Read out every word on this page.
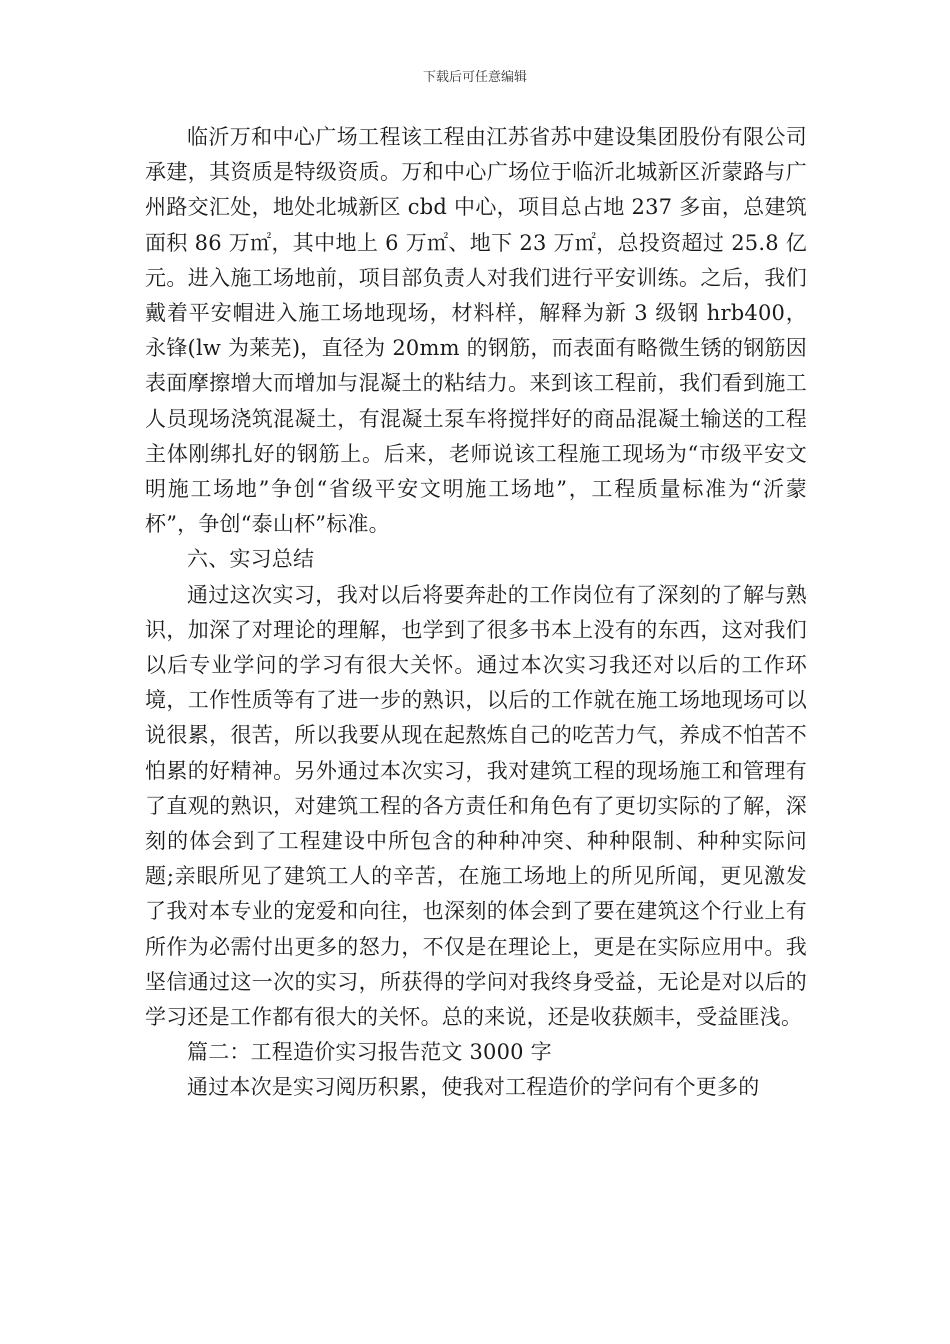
下载后可任意编辑

临沂万和中心广场工程该工程由江苏省苏中建设集团股份有限公司承建，其资质是特级资质。万和中心广场位于临沂北城新区沂蒙路与广州路交汇处，地处北城新区 cbd 中心，项目总占地 237 多亩，总建筑面积 86 万㎡，其中地上 6 万㎡、地下 23 万㎡，总投资超过 25.8 亿元。进入施工场地前，项目部负责人对我们进行平安训练。之后，我们戴着平安帽进入施工场地现场，材料样，解释为新 3 级钢 hrb400，永锋(lw 为莱芜)，直径为 20mm 的钢筋，而表面有略微生锈的钢筋因表面摩擦增大而增加与混凝土的粘结力。来到该工程前，我们看到施工人员现场浇筑混凝土，有混凝土泵车将搅拌好的商品混凝土输送的工程主体刚绑扎好的钢筋上。后来，老师说该工程施工现场为“市级平安文明施工场地”争创“省级平安文明施工场地”，工程质量标准为“沂蒙杯”，争创“泰山杯”标准。

六、实习总结

通过这次实习，我对以后将要奔赴的工作岗位有了深刻的了解与熟识，加深了对理论的理解，也学到了很多书本上没有的东西，这对我们以后专业学问的学习有很大关怀。通过本次实习我还对以后的工作环境，工作性质等有了进一步的熟识，以后的工作就在施工场地现场可以说很累，很苦，所以我要从现在起熬炼自己的吃苦力气，养成不怕苦不怕累的好精神。另外通过本次实习，我对建筑工程的现场施工和管理有了直观的熟识，对建筑工程的各方责任和角色有了更切实际的了解，深刻的体会到了工程建设中所包含的种种冲突、种种限制、种种实际问题;亲眼所见了建筑工人的辛苦，在施工场地上的所见所闻，更见激发了我对本专业的宠爱和向往，也深刻的体会到了要在建筑这个行业上有所作为必需付出更多的怒力，不仅是在理论上，更是在实际应用中。我坚信通过这一次的实习，所获得的学问对我终身受益，无论是对以后的学习还是工作都有很大的关怀。总的来说，还是收获颇丰，受益匪浅。

篇二：工程造价实习报告范文 3000 字

通过本次是实习阅历积累，使我对工程造价的学问有个更多的
